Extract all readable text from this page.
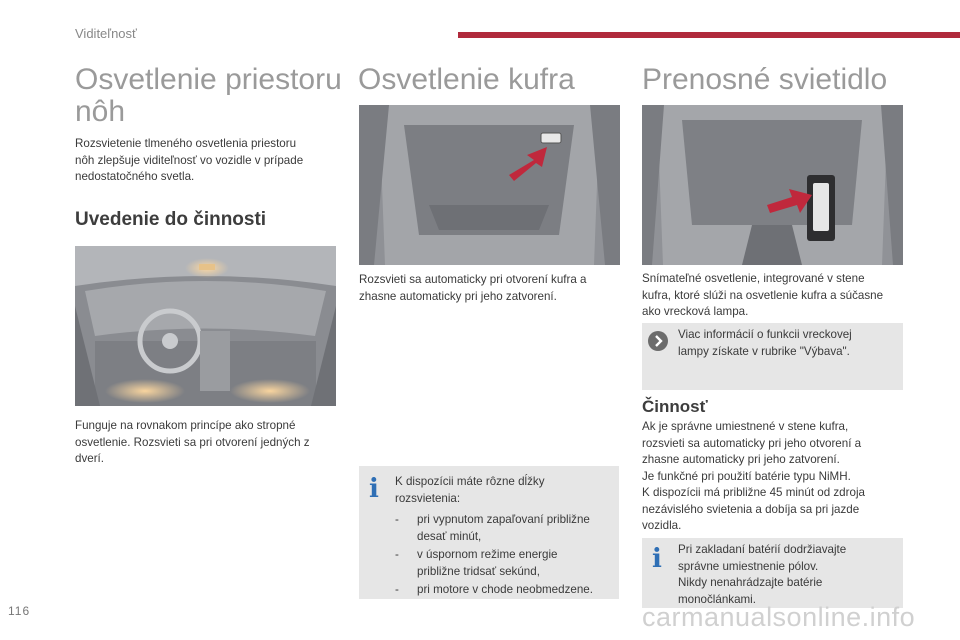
Viditeľnosť
Osvetlenie priestoru
nôh
Rozsvietenie tlmeného osvetlenia priestoru
nôh zlepšuje viditeľnosť vo vozidle v prípade
nedostatočného svetla.
Uvedenie do činnosti
Funguje na rovnakom princípe ako stropné
osvetlenie. Rozsvieti sa pri otvorení jedných z
dverí.
Osvetlenie kufra
Rozsvieti sa automaticky pri otvorení kufra a
zhasne automaticky pri jeho zatvorení.
i K dispozícii máte rôzne dĺžky
rozsvietenia:
-	pri vypnutom zapaľovaní približne
desať minút,
-	v úspornom režime energie
približne tridsať sekúnd,
-	pri motore v chode neobmedzene.
Prenosné svietidlo
Snímateľné osvetlenie, integrované v stene
kufra, ktoré slúži na osvetlenie kufra a súčasne
ako vrecková lampa.
Viac informácií o funkcii vreckovej
lampy získate v rubrike "Výbava".
Činnosť
Ak je správne umiestnené v stene kufra,
rozsvieti sa automaticky pri jeho otvorení a
zhasne automaticky pri jeho zatvorení.
Je funkčné pri použití batérie typu NiMH.
K dispozícii má približne 45 minút od zdroja
nezávislého svietenia a dobíja sa pri jazde
vozidla.
i Pri zakladaní batérií dodržiavajte
správne umiestnenie pólov.
Nikdy nenahrádzajte batérie
monočlánkami.
116	carmanualsonline.info
